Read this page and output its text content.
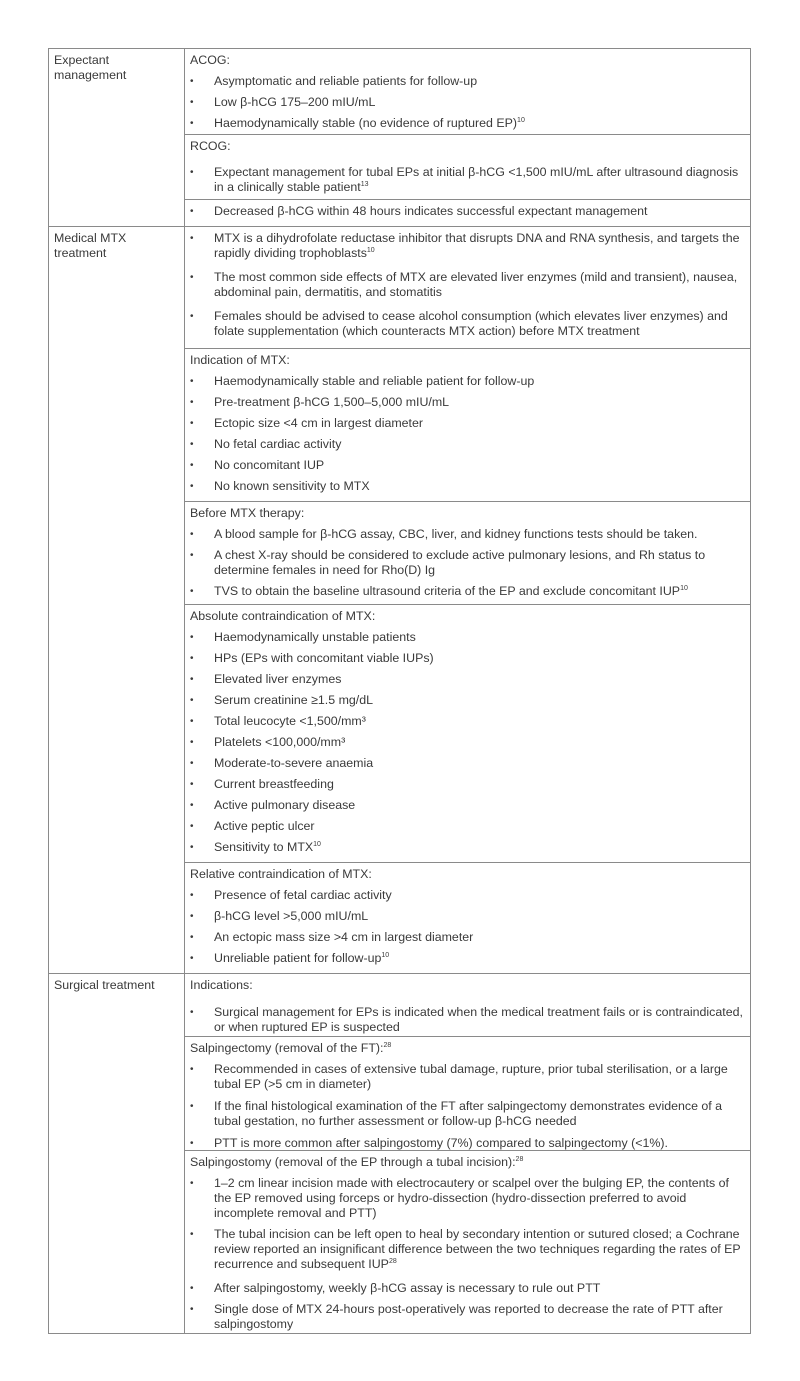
Expectant management
ACOG:
• Asymptomatic and reliable patients for follow-up
• Low β-hCG 175–200 mIU/mL
• Haemodynamically stable (no evidence of ruptured EP)$^{10}$
RCOG:
• Expectant management for tubal EPs at initial β-hCG <1,500 mIU/mL after ultrasound diagnosis in a clinically stable patient$^{13}$
• Decreased β-hCG within 48 hours indicates successful expectant management
Medical MTX treatment
• MTX is a dihydrofolate reductase inhibitor that disrupts DNA and RNA synthesis, and targets the rapidly dividing trophoblasts$^{10}$
• The most common side effects of MTX are elevated liver enzymes (mild and transient), nausea, abdominal pain, dermatitis, and stomatitis
• Females should be advised to cease alcohol consumption (which elevates liver enzymes) and folate supplementation (which counteracts MTX action) before MTX treatment
Indication of MTX:
• Haemodynamically stable and reliable patient for follow-up
• Pre-treatment β-hCG 1,500–5,000 mIU/mL
• Ectopic size <4 cm in largest diameter
• No fetal cardiac activity
• No concomitant IUP
• No known sensitivity to MTX
Before MTX therapy:
• A blood sample for β-hCG assay, CBC, liver, and kidney functions tests should be taken.
• A chest X-ray should be considered to exclude active pulmonary lesions, and Rh status to determine females in need for Rho(D) Ig
• TVS to obtain the baseline ultrasound criteria of the EP and exclude concomitant IUP$^{10}$
Absolute contraindication of MTX:
• Haemodynamically unstable patients
• HPs (EPs with concomitant viable IUPs)
• Elevated liver enzymes
• Serum creatinine ≥1.5 mg/dL
• Total leucocyte <1,500/mm³
• Platelets <100,000/mm³
• Moderate-to-severe anaemia
• Current breastfeeding
• Active pulmonary disease
• Active peptic ulcer
• Sensitivity to MTX$^{10}$
Relative contraindication of MTX:
• Presence of fetal cardiac activity
• β-hCG level >5,000 mIU/mL
• An ectopic mass size >4 cm in largest diameter
• Unreliable patient for follow-$up^{10}$
Surgical treatment	Indications:
• Surgical management for EPs is indicated when the medical treatment fails or is contraindicated, or when ruptured EP is suspected
Salpingectomy (removal of the FT):$^{28}$
• Recommended in cases of extensive tubal damage, rupture, prior tubal sterilisation, or a large tubal EP (>5 cm in diameter)
• If the final histological examination of the FT after salpingectomy demonstrates evidence of a tubal gestation, no further assessment or follow-up β-hCG needed
• PTT is more common after salpingostomy (7%) compared to salpingectomy (<1%).
Salpingostomy (removal of the EP through a tubal incision):$^{28}$
• 1–2 cm linear incision made with electrocautery or scalpel over the bulging EP, the contents of the EP removed using forceps or hydro-dissection (hydro-dissection preferred to avoid incomplete removal and PTT)
• The tubal incision can be left open to heal by secondary intention or sutured closed; a Cochrane review reported an insignificant difference between the two techniques regarding the rates of EP recurrence and subsequent IUP$^{28}$
• After salpingostomy, weekly β-hCG assay is necessary to rule out PTT
• Single dose of MTX 24-hours post-operatively was reported to decrease the rate of PTT after salpingostomy
